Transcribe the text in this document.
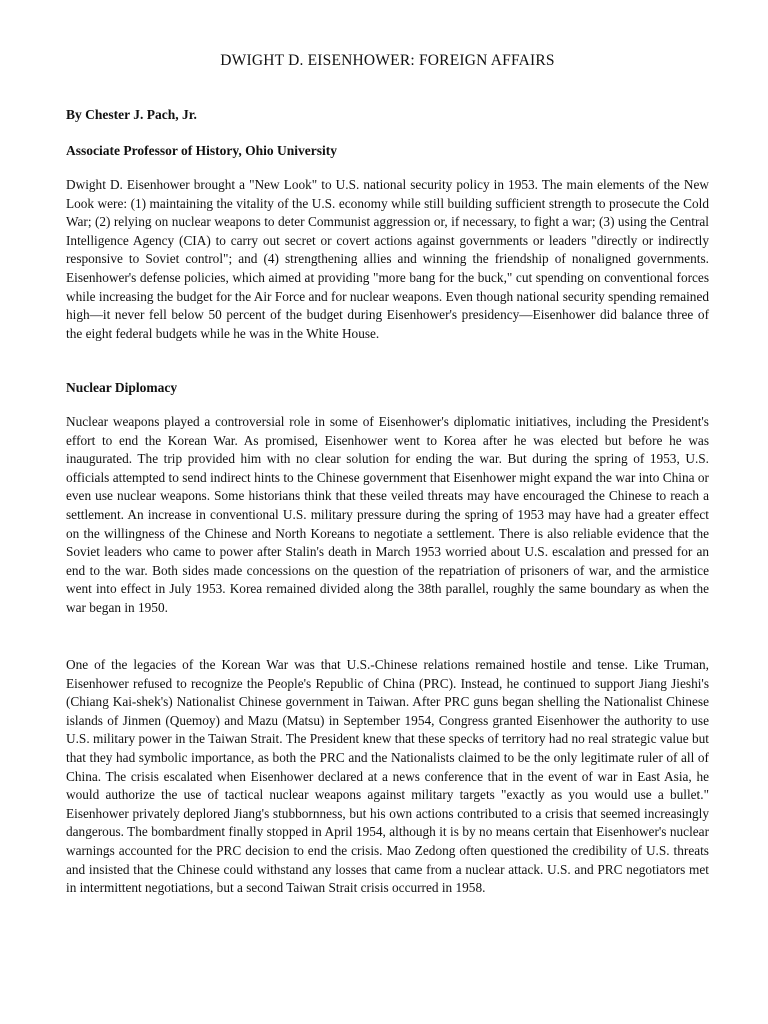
DWIGHT D. EISENHOWER: FOREIGN AFFAIRS

By Chester J. Pach, Jr.

Associate Professor of History, Ohio University

Dwight D. Eisenhower brought a "New Look" to U.S. national security policy in 1953. The main elements of the New Look were: (1) maintaining the vitality of the U.S. economy while still building sufficient strength to prosecute the Cold War; (2) relying on nuclear weapons to deter Communist aggression or, if necessary, to fight a war; (3) using the Central Intelligence Agency (CIA) to carry out secret or covert actions against governments or leaders "directly or indirectly responsive to Soviet control"; and (4) strengthening allies and winning the friendship of nonaligned governments. Eisenhower's defense policies, which aimed at providing "more bang for the buck," cut spending on conventional forces while increasing the budget for the Air Force and for nuclear weapons. Even though national security spending remained high—it never fell below 50 percent of the budget during Eisenhower's presidency—Eisenhower did balance three of the eight federal budgets while he was in the White House.

Nuclear Diplomacy

Nuclear weapons played a controversial role in some of Eisenhower's diplomatic initiatives, including the President's effort to end the Korean War. As promised, Eisenhower went to Korea after he was elected but before he was inaugurated. The trip provided him with no clear solution for ending the war. But during the spring of 1953, U.S. officials attempted to send indirect hints to the Chinese government that Eisenhower might expand the war into China or even use nuclear weapons. Some historians think that these veiled threats may have encouraged the Chinese to reach a settlement. An increase in conventional U.S. military pressure during the spring of 1953 may have had a greater effect on the willingness of the Chinese and North Koreans to negotiate a settlement. There is also reliable evidence that the Soviet leaders who came to power after Stalin's death in March 1953 worried about U.S. escalation and pressed for an end to the war. Both sides made concessions on the question of the repatriation of prisoners of war, and the armistice went into effect in July 1953. Korea remained divided along the 38th parallel, roughly the same boundary as when the war began in 1950.

One of the legacies of the Korean War was that U.S.-Chinese relations remained hostile and tense. Like Truman, Eisenhower refused to recognize the People's Republic of China (PRC). Instead, he continued to support Jiang Jieshi's (Chiang Kai-shek's) Nationalist Chinese government in Taiwan. After PRC guns began shelling the Nationalist Chinese islands of Jinmen (Quemoy) and Mazu (Matsu) in September 1954, Congress granted Eisenhower the authority to use U.S. military power in the Taiwan Strait. The President knew that these specks of territory had no real strategic value but that they had symbolic importance, as both the PRC and the Nationalists claimed to be the only legitimate ruler of all of China. The crisis escalated when Eisenhower declared at a news conference that in the event of war in East Asia, he would authorize the use of tactical nuclear weapons against military targets "exactly as you would use a bullet." Eisenhower privately deplored Jiang's stubbornness, but his own actions contributed to a crisis that seemed increasingly dangerous. The bombardment finally stopped in April 1954, although it is by no means certain that Eisenhower's nuclear warnings accounted for the PRC decision to end the crisis. Mao Zedong often questioned the credibility of U.S. threats and insisted that the Chinese could withstand any losses that came from a nuclear attack. U.S. and PRC negotiators met in intermittent negotiations, but a second Taiwan Strait crisis occurred in 1958.
